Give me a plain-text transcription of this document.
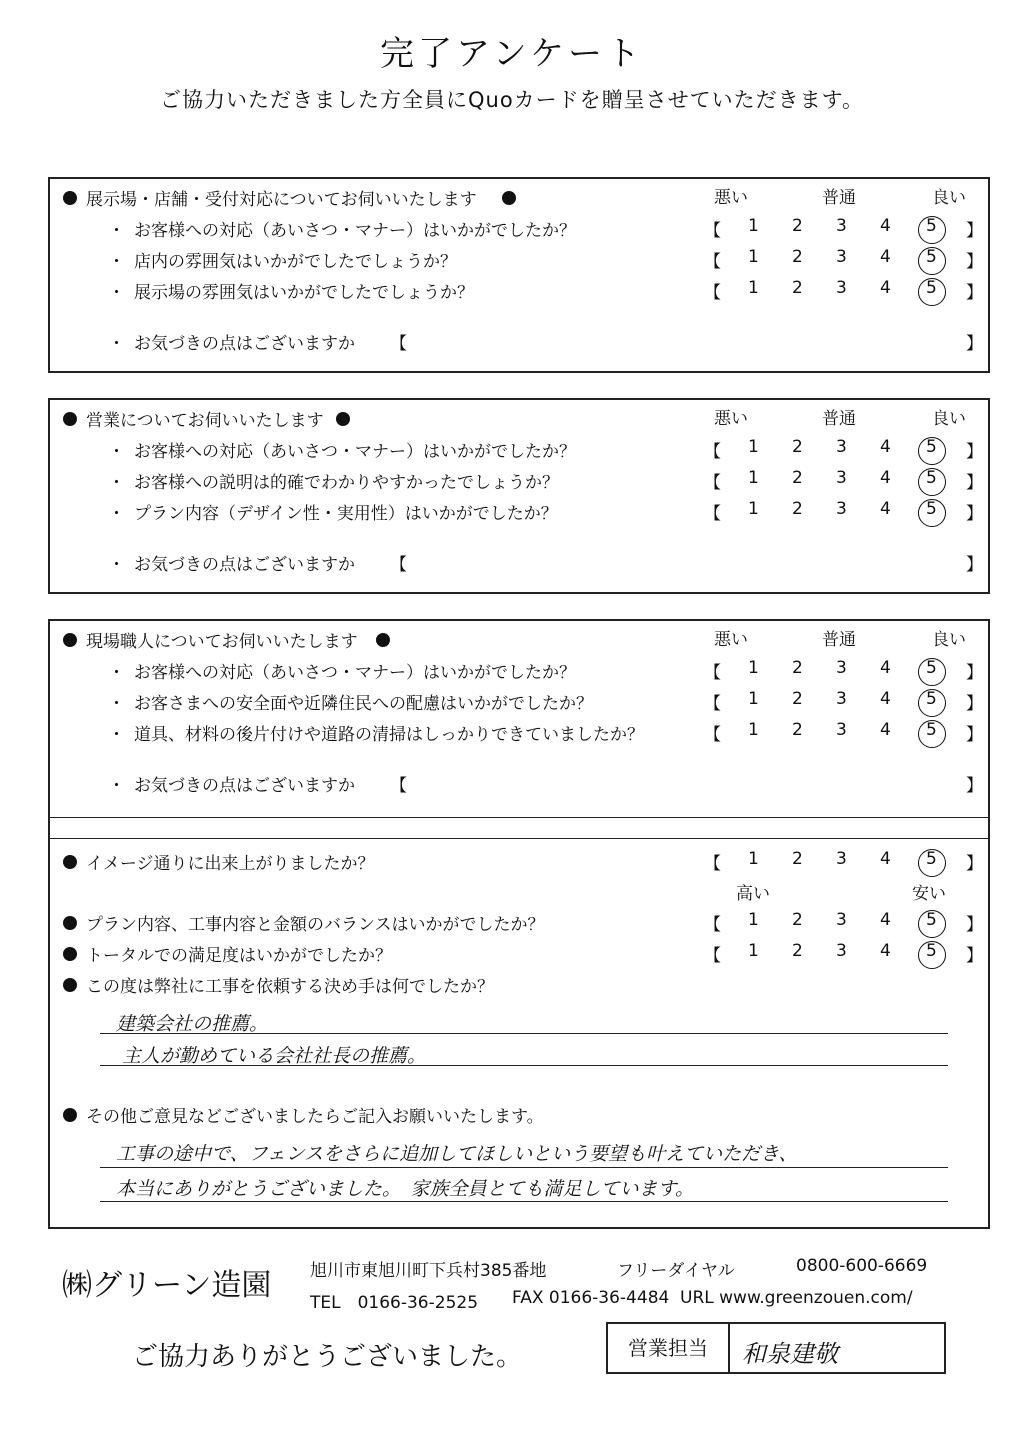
完了アンケート
ご協力いただきました方全員にQuoカードを贈呈させていただきます。
展示場・店舗・受付対応についてお伺いいたします	悪い	普通	良い
・ お客様への対応（あいさつ・マナー）はいかがでしたか？	【 1 2 3 4 5 】
・ 店内の雰囲気はいかがでしたでしょうか？	【 1 2 3 4 5 】
・ 展示場の雰囲気はいかがでしたでしょうか？	【 1 2 3 4 5 】
・ お気づきの点はございますか 【	】
営業についてお伺いいたします	悪い	普通	良い
・ お客様への対応（あいさつ・マナー）はいかがでしたか？	【 1 2 3 4 5 】
・ お客様への説明は的確でわかりやすかったでしょうか？	【 1 2 3 4 5 】
・ プラン内容（デザイン性・実用性）はいかがでしたか？	【 1 2 3 4 5 】
・ お気づきの点はございますか 【	】
現場職人についてお伺いいたします	悪い	普通	良い
・ お客様への対応（あいさつ・マナー）はいかがでしたか？	【 1 2 3 4 5 】
・ お客さまへの安全面や近隣住民への配慮はいかがでしたか？	【 1 2 3 4 5 】
・ 道具、材料の後片付けや道路の清掃はしっかりできていましたか？	【 1 2 3 4 5 】
・ お気づきの点はございますか 【	】
イメージ通りに出来上がりましたか？	【 1 2 3 4 5 】
高い	安い
プラン内容、工事内容と金額のバランスはいかがでしたか？	【 1 2 3 4 5 】
トータルでの満足度はいかがでしたか？	【 1 2 3 4 5 】
この度は弊社に工事を依頼する決め手は何でしたか？
建築会社の推薦。
主人が勤めている会社社長の推薦。
その他ご意見などございましたらご記入お願いいたします。
工事の途中で、フェンスをさらに追加してほしいという要望も叶えていただき、
本当にありがとうございました。　家族全員とても満足しています。
㈱グリーン造園 旭川市東旭川町下兵村385番地	フリーダイヤル	0800-600-6669
TEL　0166-36-2525 FAX 0166-36-4484 URL www.greenzouen.com/
ご協力ありがとうございました。	営業担当	和泉建敬
